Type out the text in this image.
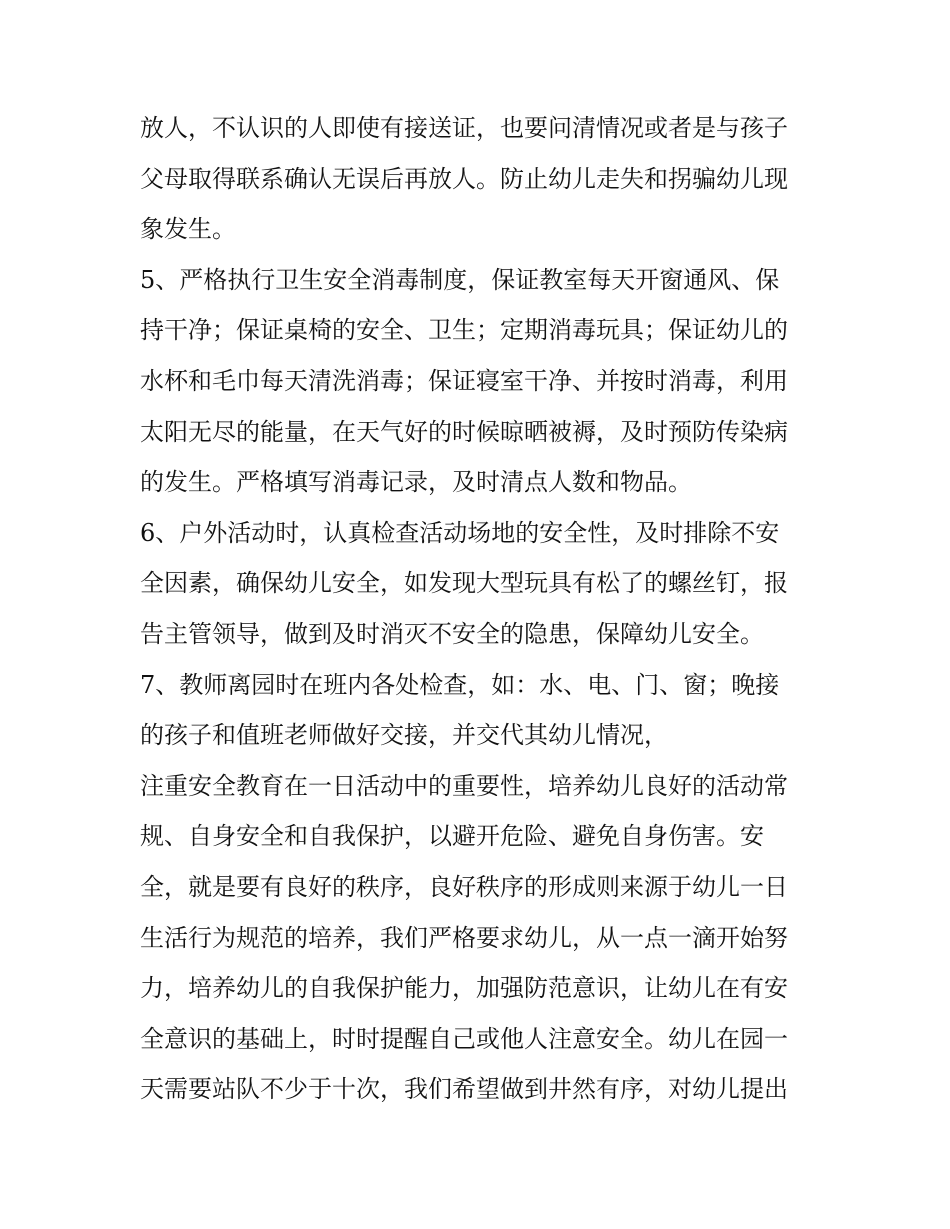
放人，不认识的人即使有接送证，也要问清情况或者是与孩子
父母取得联系确认无误后再放人。防止幼儿走失和拐骗幼儿现
象发生。
5、严格执行卫生安全消毒制度，保证教室每天开窗通风、保
持干净；保证桌椅的安全、卫生；定期消毒玩具；保证幼儿的
水杯和毛巾每天清洗消毒；保证寝室干净、并按时消毒，利用
太阳无尽的能量，在天气好的时候晾晒被褥，及时预防传染病
的发生。严格填写消毒记录，及时清点人数和物品。
6、户外活动时，认真检查活动场地的安全性，及时排除不安
全因素，确保幼儿安全，如发现大型玩具有松了的螺丝钉，报
告主管领导，做到及时消灭不安全的隐患，保障幼儿安全。
7、教师离园时在班内各处检查，如：水、电、门、窗；晚接
的孩子和值班老师做好交接，并交代其幼儿情况，
注重安全教育在一日活动中的重要性，培养幼儿良好的活动常
规、自身安全和自我保护，以避开危险、避免自身伤害。安
全，就是要有良好的秩序，良好秩序的形成则来源于幼儿一日
生活行为规范的培养，我们严格要求幼儿，从一点一滴开始努
力，培养幼儿的自我保护能力，加强防范意识，让幼儿在有安
全意识的基础上，时时提醒自己或他人注意安全。幼儿在园一
天需要站队不少于十次，我们希望做到井然有序，对幼儿提出
